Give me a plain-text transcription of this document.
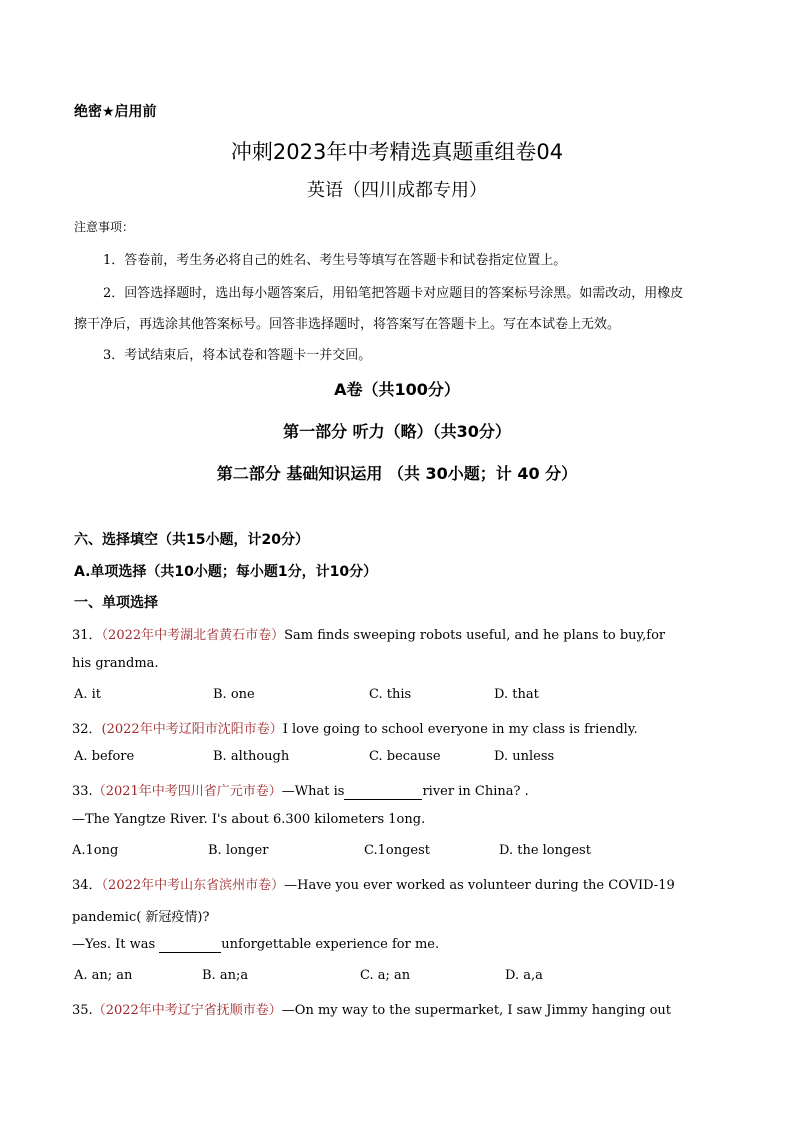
绝密★启用前
冲刺2023年中考精选真题重组卷04
英语（四川成都专用）
注意事项：
1．答卷前，考生务必将自己的姓名、考生号等填写在答题卡和试卷指定位置上。
2．回答选择题时，选出每小题答案后，用铅笔把答题卡对应题目的答案标号涂黑。如需改动，用橡皮
擦干净后，再选涂其他答案标号。回答非选择题时，将答案写在答题卡上。写在本试卷上无效。
3．考试结束后，将本试卷和答题卡一并交回。
A卷（共100分）
第一部分 听力（略）（共30分）
第二部分 基础知识运用 （共 30小题；计 40 分）
六、选择填空（共15小题，计20分）
A.单项选择（共10小题；每小题1分，计10分）
一、单项选择
31．（2022年中考湖北省黄石市卷）Sam finds sweeping robots useful, and he plans to buy,for
his grandma.
A. it	B. one	C. this	D. that
32．(2022年中考辽阳市沈阳市卷）I love going to school everyone in my class is friendly.
A. before	B. although	C. because	D. unless
33.（2021年中考四川省广元市卷）—What is	river in China? .
—The Yangtze River. I's about 6.300 kilometers 1ong.
A.1ong	B. longer	C.1ongest	D. the longest
34．（2022年中考山东省滨州市卷）—Have you ever worked as volunteer during the COVID-19
pandemic( 新冠疫情)?
—Yes. It was	unforgettable experience for me.
A. an; an	B. an;a	C. a; an	D. a,a
35.（2022年中考辽宁省抚顺市卷）—On my way to the supermarket, I saw Jimmy hanging out
